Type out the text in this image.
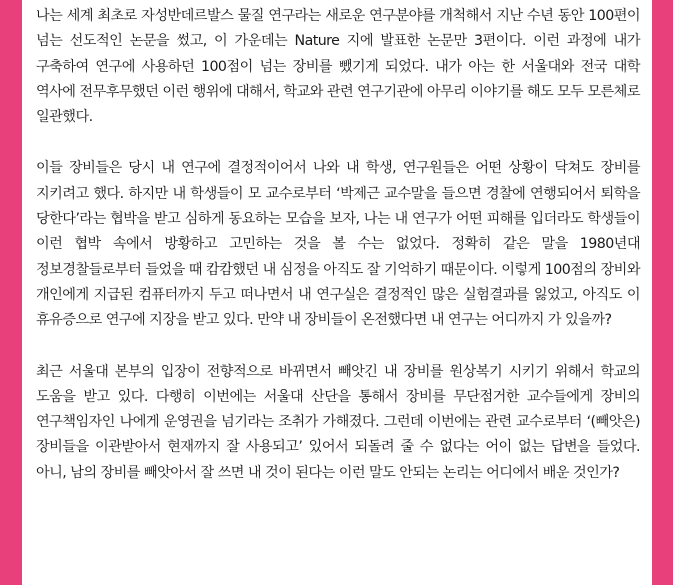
나는 세계 최초로 자성반데르발스 물질 연구라는 새로운 연구분야를 개척해서 지난 수년 동안 100편이 넘는 선도적인 논문을 썼고, 이 가운데는 Nature 지에 발표한 논문만 3편이다. 이런 과정에 내가 구축하여 연구에 사용하던 100점이 넘는 장비를 뺐기게 되었다. 내가 아는 한 서울대와 전국 대학 역사에 전무후무했던 이런 행위에 대해서, 학교와 관련 연구기관에 아무리 이야기를 해도 모두 모른체로 일관했다.

이들 장비들은 당시 내 연구에 결정적이어서 나와 내 학생, 연구원들은 어떤 상황이 닥쳐도 장비를 지키려고 했다. 하지만 내 학생들이 모 교수로부터 ‘박제근 교수말을 들으면 경찰에 연행되어서 퇴학을 당한다’라는 협박을 받고 심하게 동요하는 모습을 보자, 나는 내 연구가 어떤 피해를 입더라도 학생들이 이런 협박 속에서 방황하고 고민하는 것을 볼 수는 없었다. 정확히 같은 말을 1980년대 정보경찰들로부터 들었을 때 캄캄했던 내 심정을 아직도 잘 기억하기 때문이다. 이렇게 100점의 장비와 개인에게 지급된 컴퓨터까지 두고 떠나면서 내 연구실은 결정적인 많은 실험결과를 잃었고, 아직도 이 휴유증으로 연구에 지장을 받고 있다. 만약 내 장비들이 온전했다면 내 연구는 어디까지 가 있을까?

최근 서울대 본부의 입장이 전향적으로 바뀌면서 빼앗긴 내 장비를 원상복기 시키기 위해서 학교의 도움을 받고 있다. 다행히 이번에는 서울대 산단을 통해서 장비를 무단점거한 교수들에게 장비의 연구책임자인 나에게 운영권을 넘기라는 조취가 가해졌다. 그런데 이번에는 관련 교수로부터 ‘(빼앗은) 장비들을 이관받아서 현재까지 잘 사용되고’ 있어서 되돌려 줄 수 없다는 어이 없는 답변을 들었다. 아니, 남의 장비를 빼앗아서 잘 쓰면 내 것이 된다는 이런 말도 안되는 논리는 어디에서 배운 것인가?
